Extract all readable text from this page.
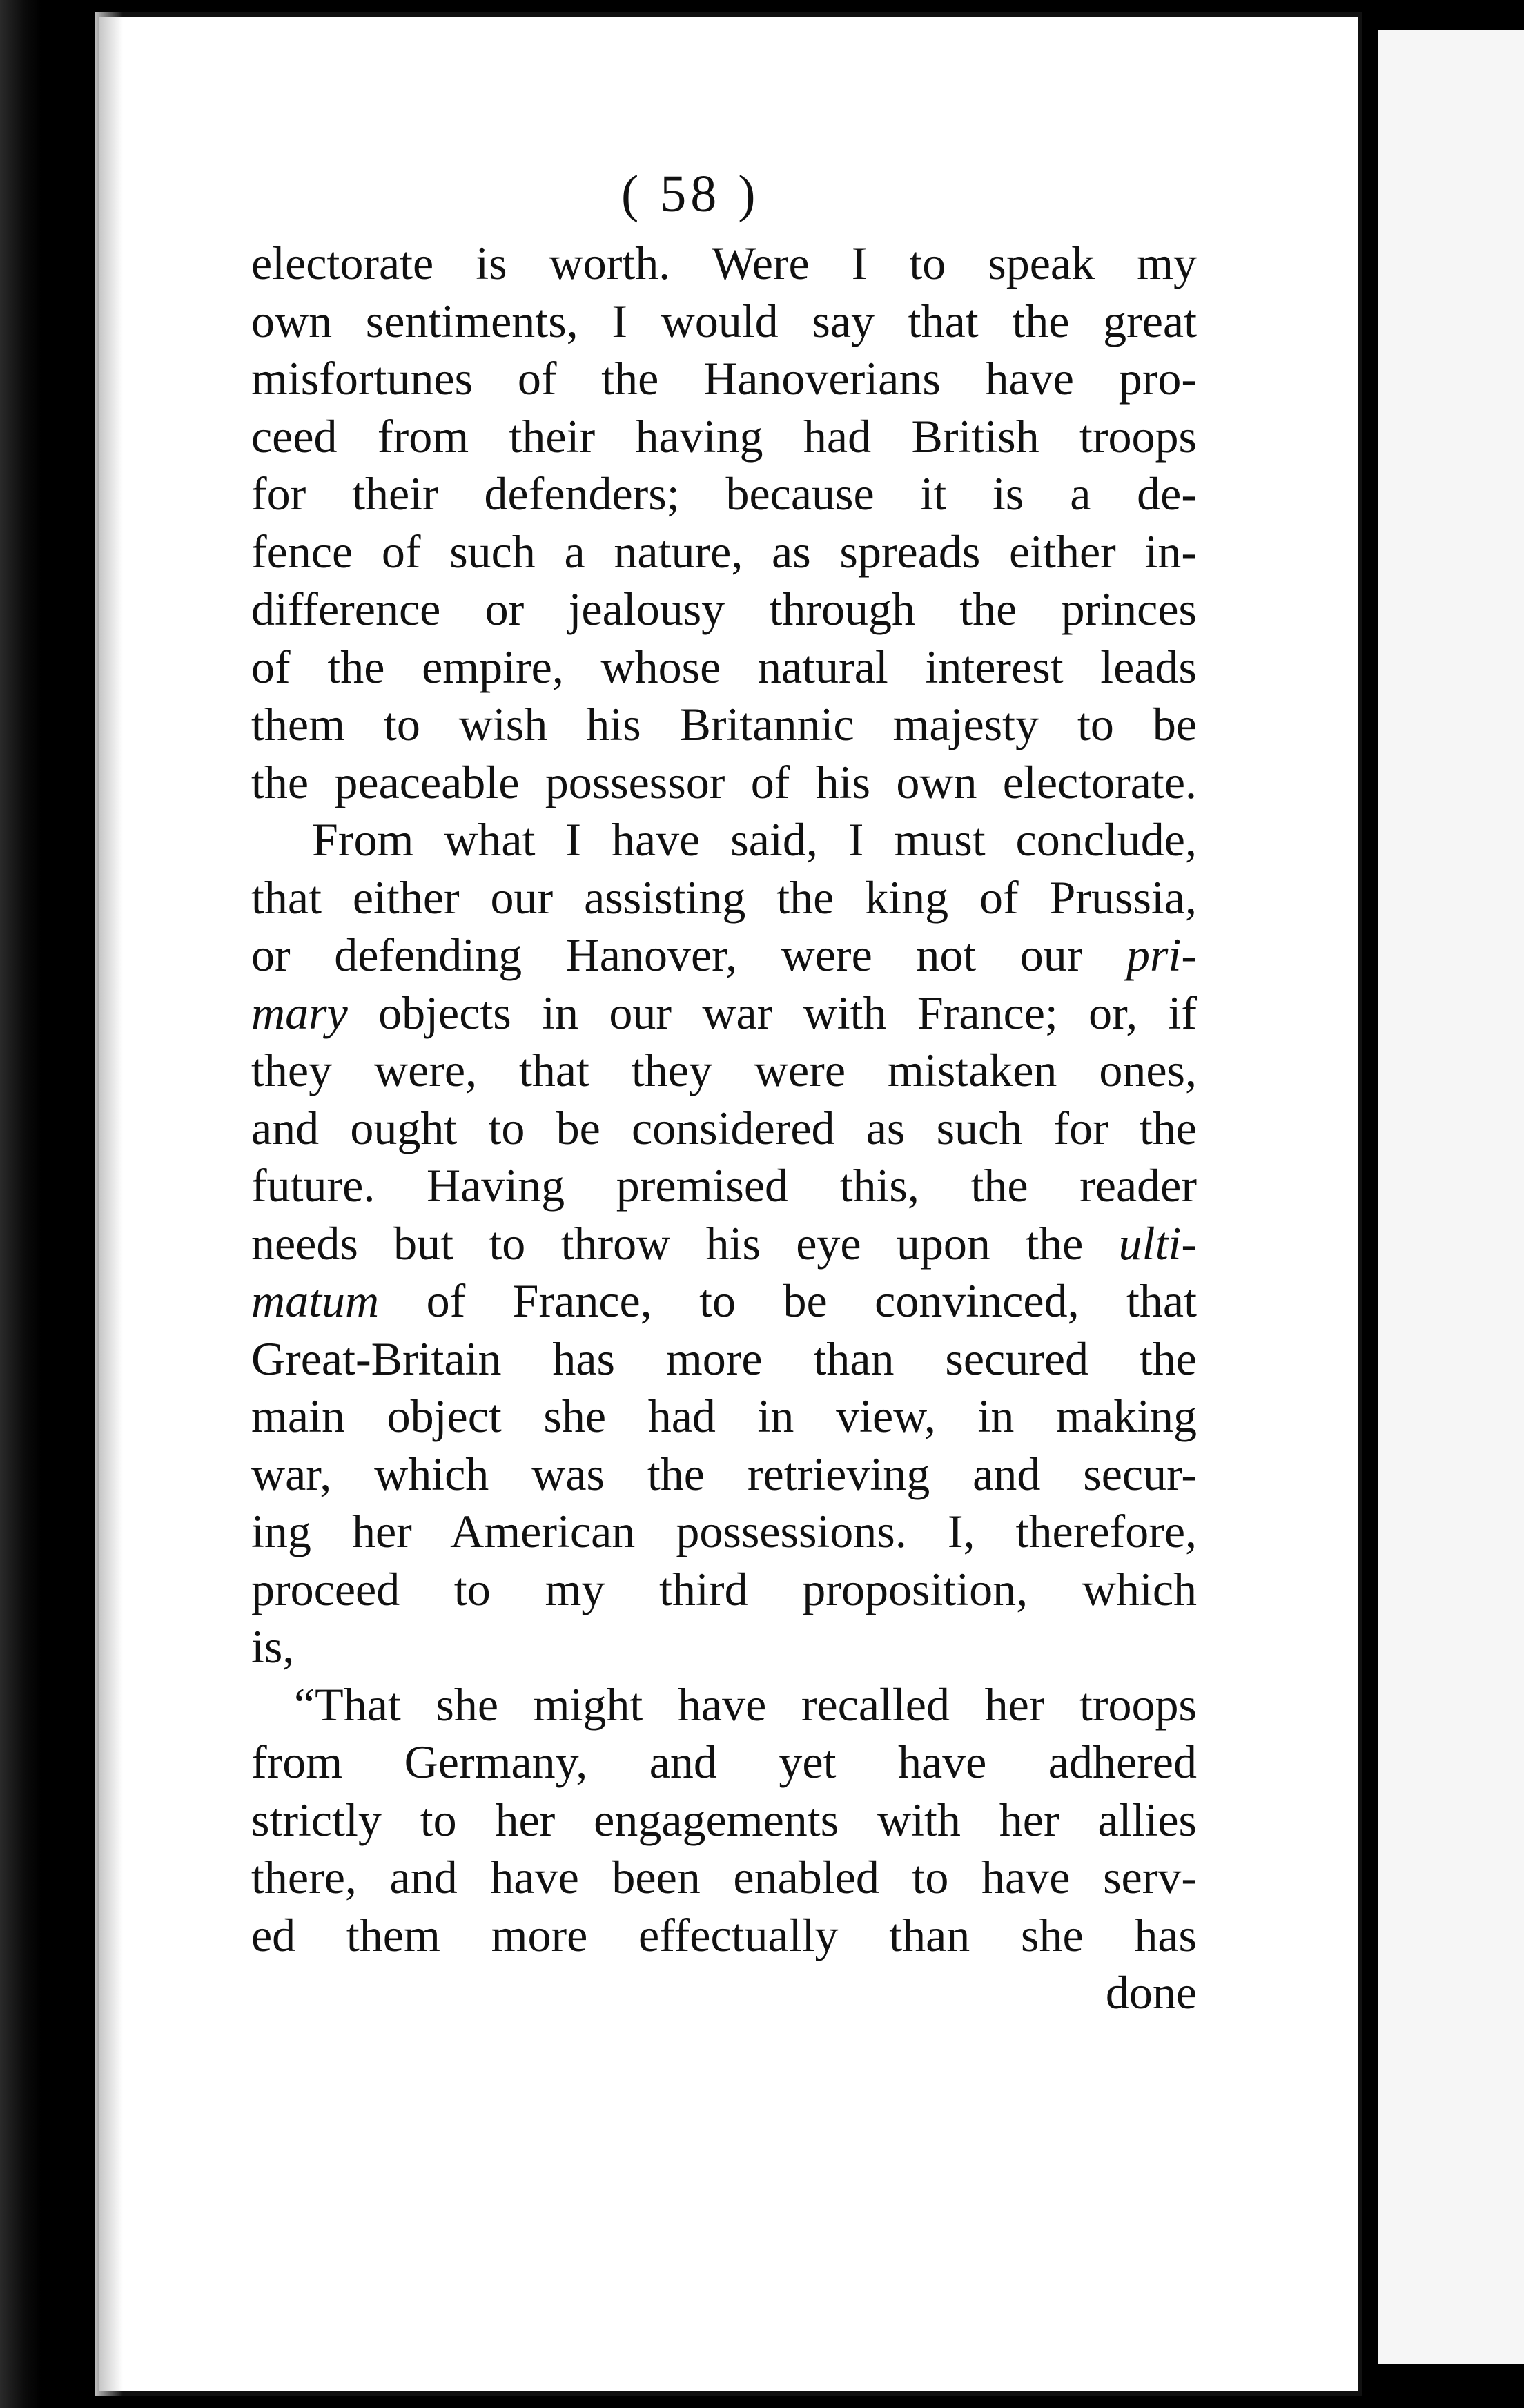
( 58 )
electorate is worth. Were I to speak my
own sentiments, I would say that the great
misfortunes of the Hanoverians have pro-
ceed from their having had British troops
for their defenders; because it is a de-
fence of such a nature, as spreads either in-
difference or jealousy through the princes
of the empire, whose natural interest leads
them to wish his Britannic majesty to be
the peaceable possessor of his own electorate.
From what I have said, I must conclude,
that either our assisting the king of Prussia,
or defending Hanover, were not our pri-
mary objects in our war with France; or, if
they were, that they were mistaken ones,
and ought to be considered as such for the
future. Having premised this, the reader
needs but to throw his eye upon the ulti-
matum of France, to be convinced, that
Great-Britain has more than secured the
main object she had in view, in making
war, which was the retrieving and secur-
ing her American possessions. I, therefore,
proceed to my third proposition, which
is,
“That she might have recalled her troops
from Germany, and yet have adhered
strictly to her engagements with her allies
there, and have been enabled to have serv-
ed them more effectually than she has
done
